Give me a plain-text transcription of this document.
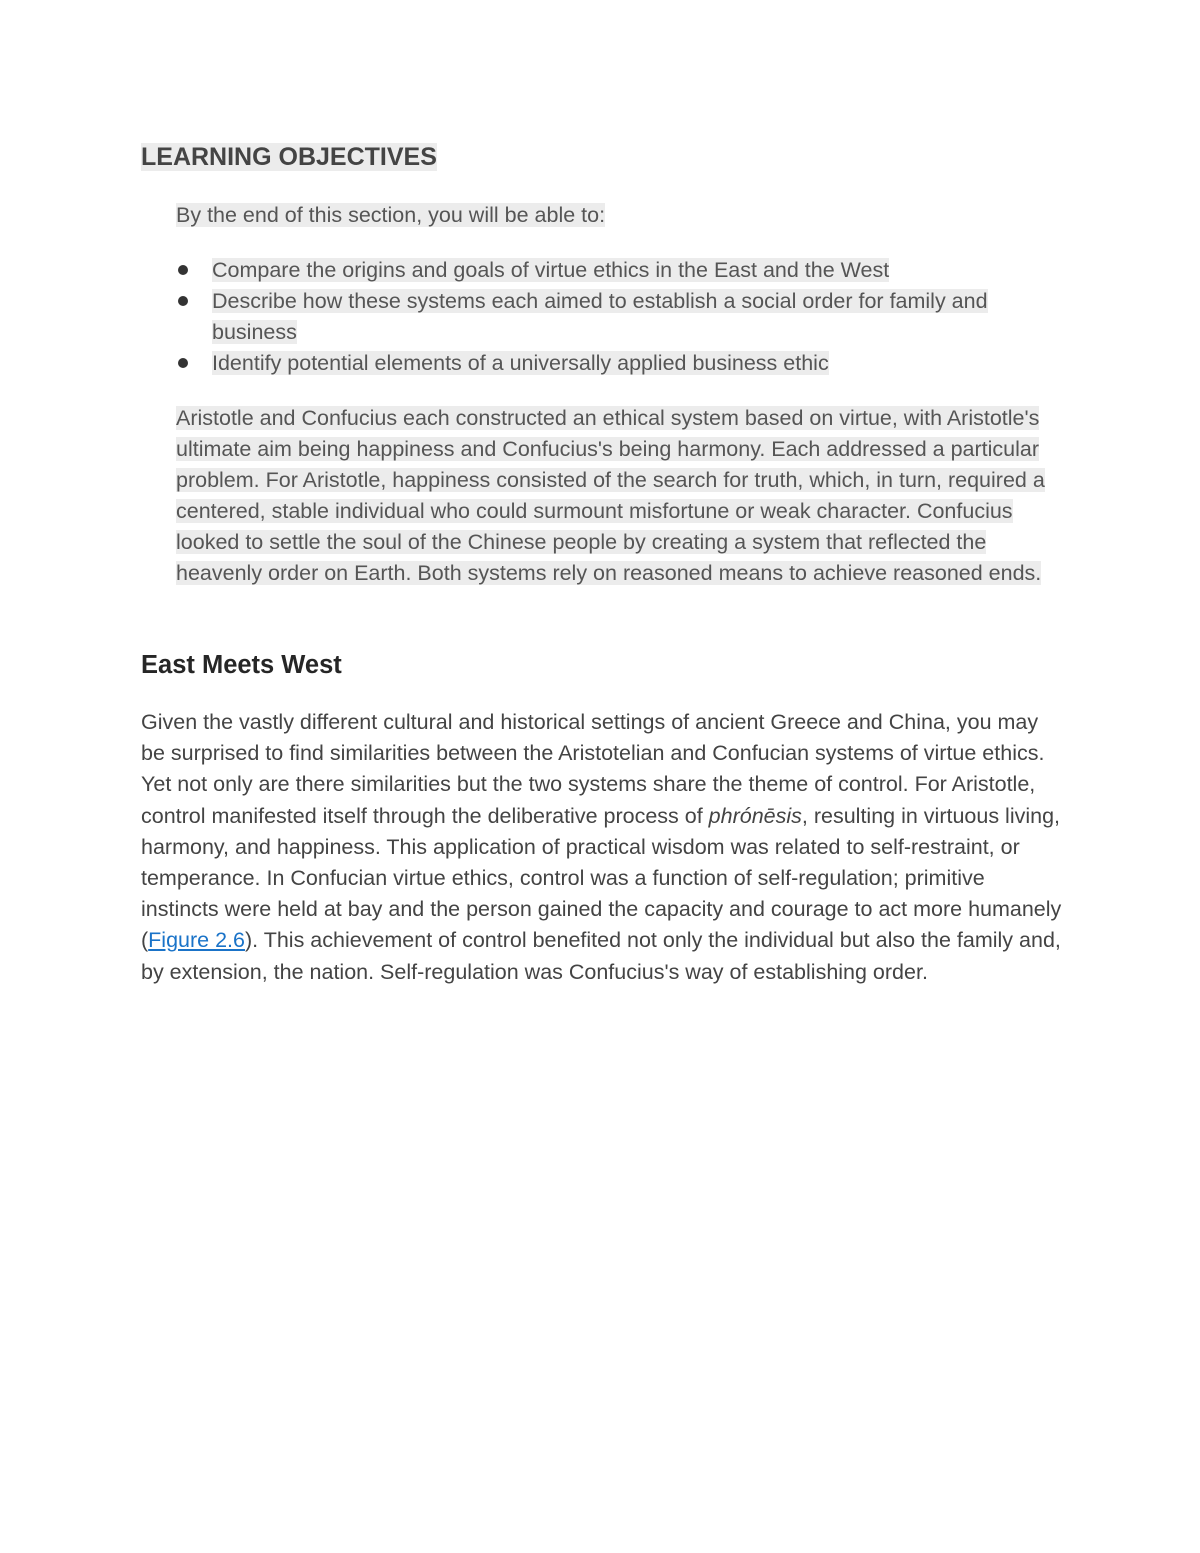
LEARNING OBJECTIVES

By the end of this section, you will be able to:

Compare the origins and goals of virtue ethics in the East and the West
Describe how these systems each aimed to establish a social order for family and business
Identify potential elements of a universally applied business ethic

Aristotle and Confucius each constructed an ethical system based on virtue, with Aristotle's ultimate aim being happiness and Confucius's being harmony. Each addressed a particular problem. For Aristotle, happiness consisted of the search for truth, which, in turn, required a centered, stable individual who could surmount misfortune or weak character. Confucius looked to settle the soul of the Chinese people by creating a system that reflected the heavenly order on Earth. Both systems rely on reasoned means to achieve reasoned ends.

East Meets West

Given the vastly different cultural and historical settings of ancient Greece and China, you may be surprised to find similarities between the Aristotelian and Confucian systems of virtue ethics. Yet not only are there similarities but the two systems share the theme of control. For Aristotle, control manifested itself through the deliberative process of phrónēsis, resulting in virtuous living, harmony, and happiness. This application of practical wisdom was related to self-restraint, or temperance. In Confucian virtue ethics, control was a function of self-regulation; primitive instincts were held at bay and the person gained the capacity and courage to act more humanely (Figure 2.6). This achievement of control benefited not only the individual but also the family and, by extension, the nation. Self-regulation was Confucius's way of establishing order.
